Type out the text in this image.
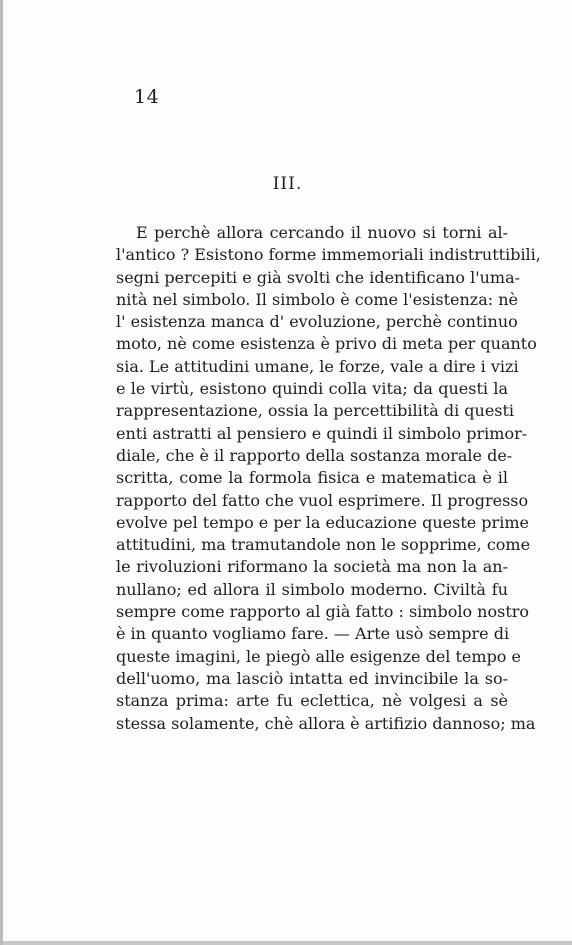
14
III.
E perchè allora cercando il nuovo si torni al-
l'antico ? Esistono forme immemoriali indistruttibili,
segni percepiti e già svolti che identificano l'uma-
nità nel simbolo. Il simbolo è come l'esistenza: nè
l' esistenza manca d' evoluzione, perchè continuo
moto, nè come esistenza è privo di meta per quanto
sia. Le attitudini umane, le forze, vale a dire i vizi
e le virtù, esistono quindi colla vita; da questi la
rappresentazione, ossia la percettibilità di questi
enti astratti al pensiero e quindi il simbolo primor-
diale, che è il rapporto della sostanza morale de-
scritta, come la formola fisica e matematica è il
rapporto del fatto che vuol esprimere. Il progresso
evolve pel tempo e per la educazione queste prime
attitudini, ma tramutandole non le sopprime, come
le rivoluzioni riformano la società ma non la an-
nullano; ed allora il simbolo moderno. Civiltà fu
sempre come rapporto al già fatto : simbolo nostro
è in quanto vogliamo fare. — Arte usò sempre di
queste imagini, le piegò alle esigenze del tempo e
dell'uomo, ma lasciò intatta ed invincibile la so-
stanza prima: arte fu eclettica, nè volgesi a sè
stessa solamente, chè allora è artifizio dannoso; ma
